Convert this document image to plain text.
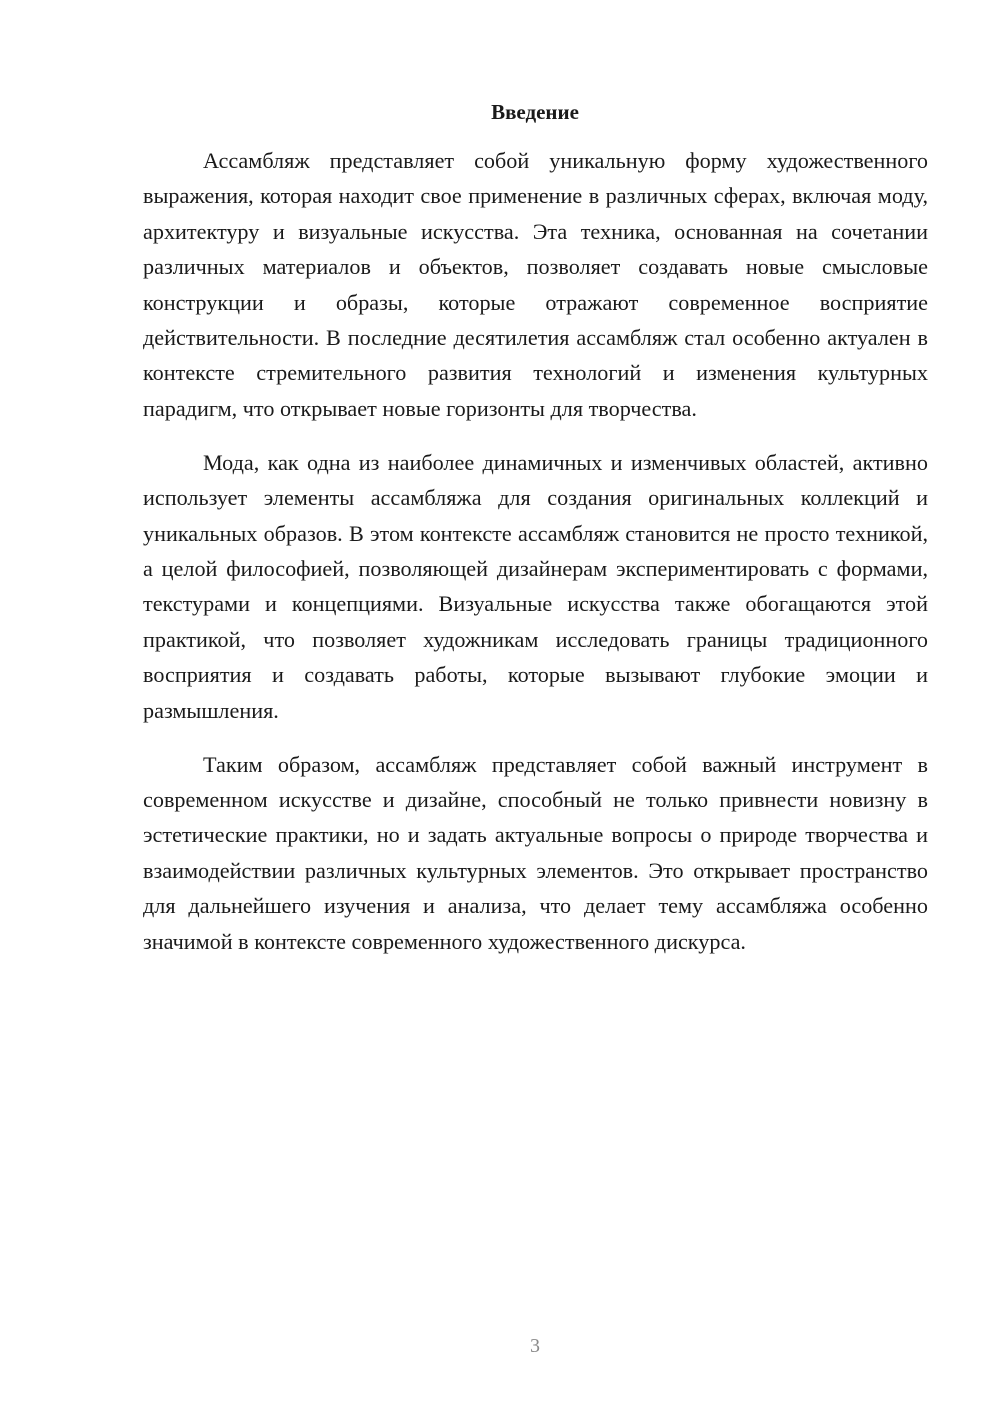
Введение

Ассамбляж представляет собой уникальную форму художественного выражения, которая находит свое применение в различных сферах, включая моду, архитектуру и визуальные искусства. Эта техника, основанная на сочетании различных материалов и объектов, позволяет создавать новые смысловые конструкции и образы, которые отражают современное восприятие действительности. В последние десятилетия ассамбляж стал особенно актуален в контексте стремительного развития технологий и изменения культурных парадигм, что открывает новые горизонты для творчества.

Мода, как одна из наиболее динамичных и изменчивых областей, активно использует элементы ассамбляжа для создания оригинальных коллекций и уникальных образов. В этом контексте ассамбляж становится не просто техникой, а целой философией, позволяющей дизайнерам экспериментировать с формами, текстурами и концепциями. Визуальные искусства также обогащаются этой практикой, что позволяет художникам исследовать границы традиционного восприятия и создавать работы, которые вызывают глубокие эмоции и размышления.

Таким образом, ассамбляж представляет собой важный инструмент в современном искусстве и дизайне, способный не только привнести новизну в эстетические практики, но и задать актуальные вопросы о природе творчества и взаимодействии различных культурных элементов. Это открывает пространство для дальнейшего изучения и анализа, что делает тему ассамбляжа особенно значимой в контексте современного художественного дискурса.

3
